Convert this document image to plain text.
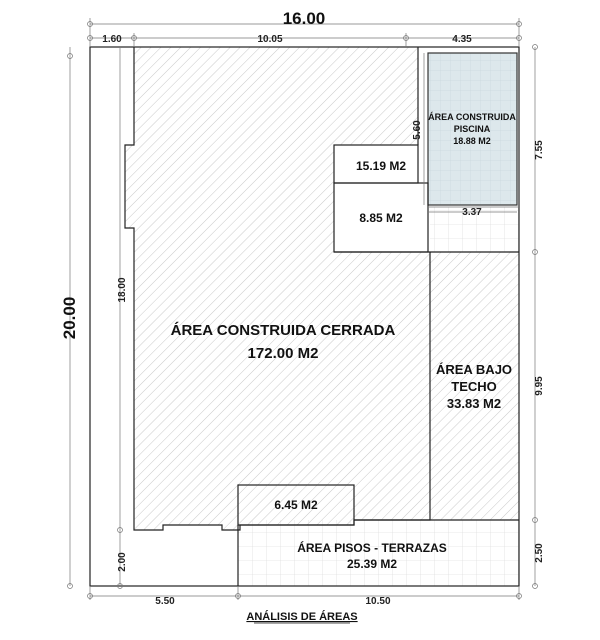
16.00
1.60	10.05	4.35
20.00
18.00
2.00
7.55
9.95
2.50
5.60
3.37
5.50	10.50
ÁREA CONSTRUIDA CERRADA
172.00 M2
ÁREA CONSTRUIDA
PISCINA
18.88 M2
15.19 M2
8.85 M2
6.45 M2
ÁREA BAJO
TECHO
33.83 M2
ÁREA PISOS - TERRAZAS
25.39 M2
ANÁLISIS DE ÁREAS
